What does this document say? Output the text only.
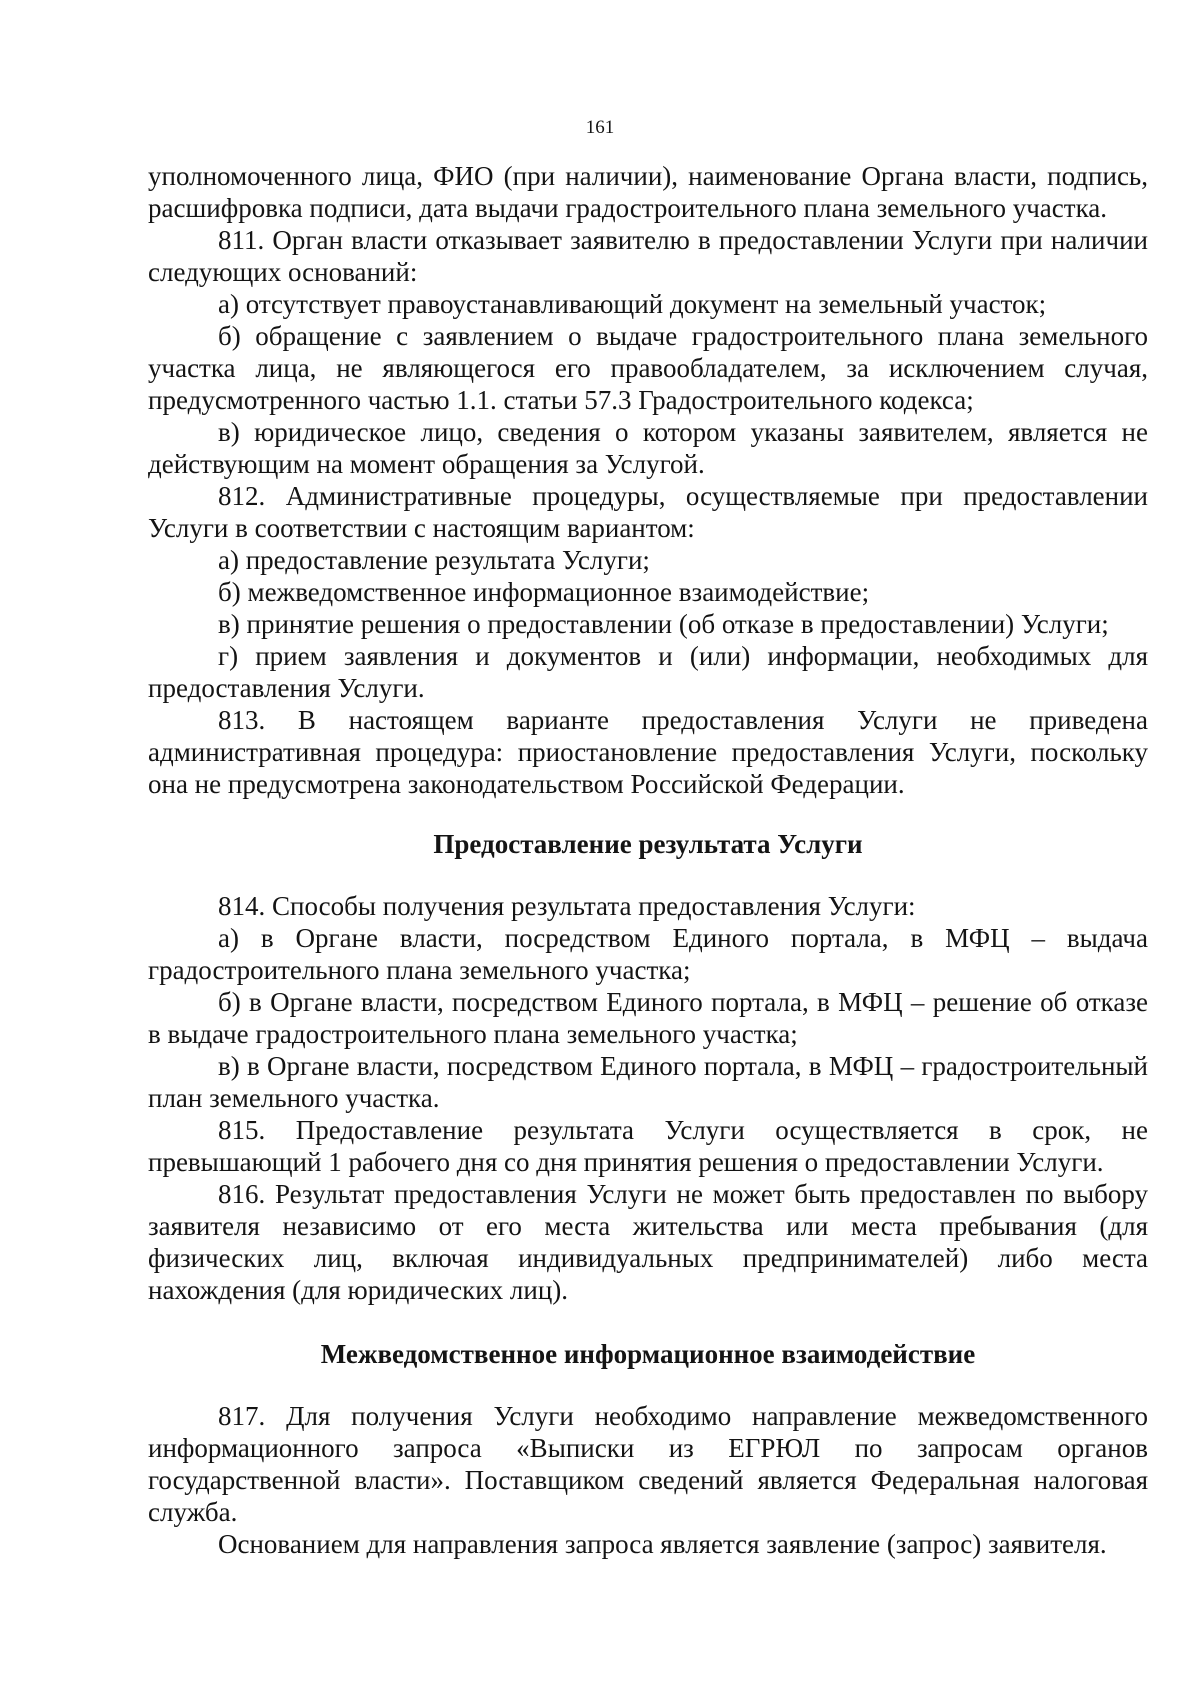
161

уполномоченного лица, ФИО (при наличии), наименование Органа власти, подпись, расшифровка подписи, дата выдачи градостроительного плана земельного участка.

811. Орган власти отказывает заявителю в предоставлении Услуги при наличии следующих оснований:

а) отсутствует правоустанавливающий документ на земельный участок;

б) обращение с заявлением о выдаче градостроительного плана земельного участка лица, не являющегося его правообладателем, за исключением случая, предусмотренного частью 1.1. статьи 57.3 Градостроительного кодекса;

в) юридическое лицо, сведения о котором указаны заявителем, является не действующим на момент обращения за Услугой.

812. Административные процедуры, осуществляемые при предоставлении Услуги в соответствии с настоящим вариантом:

а) предоставление результата Услуги;

б) межведомственное информационное взаимодействие;

в) принятие решения о предоставлении (об отказе в предоставлении) Услуги;

г) прием заявления и документов и (или) информации, необходимых для предоставления Услуги.

813. В настоящем варианте предоставления Услуги не приведена административная процедура: приостановление предоставления Услуги, поскольку она не предусмотрена законодательством Российской Федерации.

Предоставление результата Услуги

814. Способы получения результата предоставления Услуги:

а) в Органе власти, посредством Единого портала, в МФЦ – выдача градостроительного плана земельного участка;

б) в Органе власти, посредством Единого портала, в МФЦ – решение об отказе в выдаче градостроительного плана земельного участка;

в) в Органе власти, посредством Единого портала, в МФЦ – градостроительный план земельного участка.

815. Предоставление результата Услуги осуществляется в срок, не превышающий 1 рабочего дня со дня принятия решения о предоставлении Услуги.

816. Результат предоставления Услуги не может быть предоставлен по выбору заявителя независимо от его места жительства или места пребывания (для физических лиц, включая индивидуальных предпринимателей) либо места нахождения (для юридических лиц).

Межведомственное информационное взаимодействие

817. Для получения Услуги необходимо направление межведомственного информационного запроса «Выписки из ЕГРЮЛ по запросам органов государственной власти». Поставщиком сведений является Федеральная налоговая служба.

Основанием для направления запроса является заявление (запрос) заявителя.
